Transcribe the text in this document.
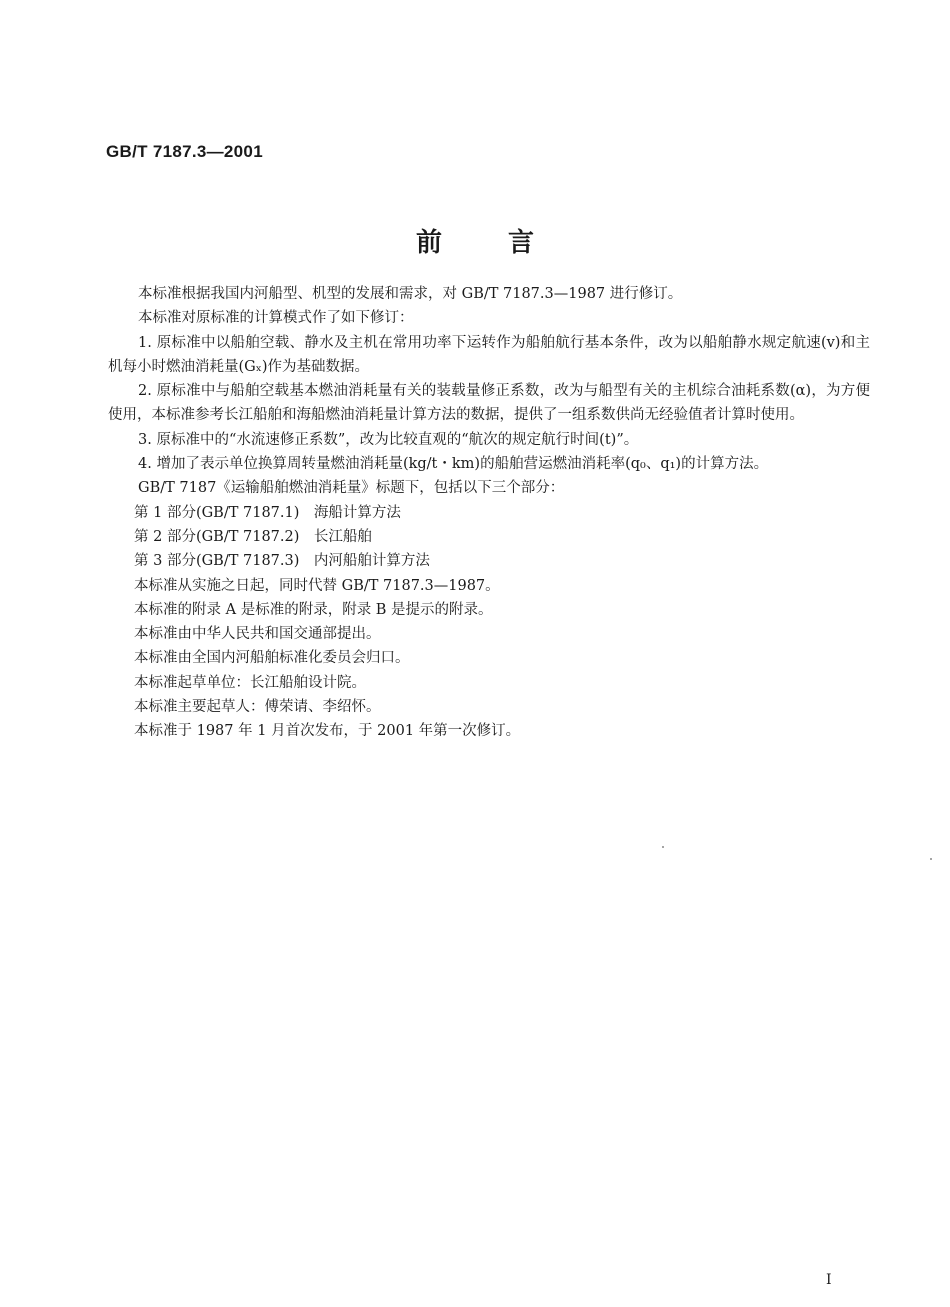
GB/T 7187.3—2001
前言

本标准根据我国内河船型、机型的发展和需求，对 GB/T 7187.3—1987 进行修订。

本标准对原标准的计算模式作了如下修订：

1. 原标准中以船舶空载、静水及主机在常用功率下运转作为船舶航行基本条件，改为以船舶静水规定航速(v)和主机每小时燃油消耗量(Gₓ)作为基础数据。

2. 原标准中与船舶空载基本燃油消耗量有关的装载量修正系数，改为与船型有关的主机综合油耗系数(α)，为方便使用，本标准参考长江船舶和海船燃油消耗量计算方法的数据，提供了一组系数供尚无经验值者计算时使用。

3. 原标准中的“水流速修正系数”，改为比较直观的“航次的规定航行时间(t)”。

4. 增加了表示单位换算周转量燃油消耗量(kg/t・km)的船舶营运燃油消耗率(q₀、q₁)的计算方法。

GB/T 7187《运输船舶燃油消耗量》标题下，包括以下三个部分：

第 1 部分(GB/T 7187.1)　海船计算方法

第 2 部分(GB/T 7187.2)　长江船舶

第 3 部分(GB/T 7187.3)　内河船舶计算方法

本标准从实施之日起，同时代替 GB/T 7187.3—1987。

本标准的附录 A 是标准的附录，附录 B 是提示的附录。

本标准由中华人民共和国交通部提出。

本标准由全国内河船舶标准化委员会归口。

本标准起草单位：长江船舶设计院。

本标准主要起草人：傅荣请、李绍怀。

本标准于 1987 年 1 月首次发布，于 2001 年第一次修订。

I
